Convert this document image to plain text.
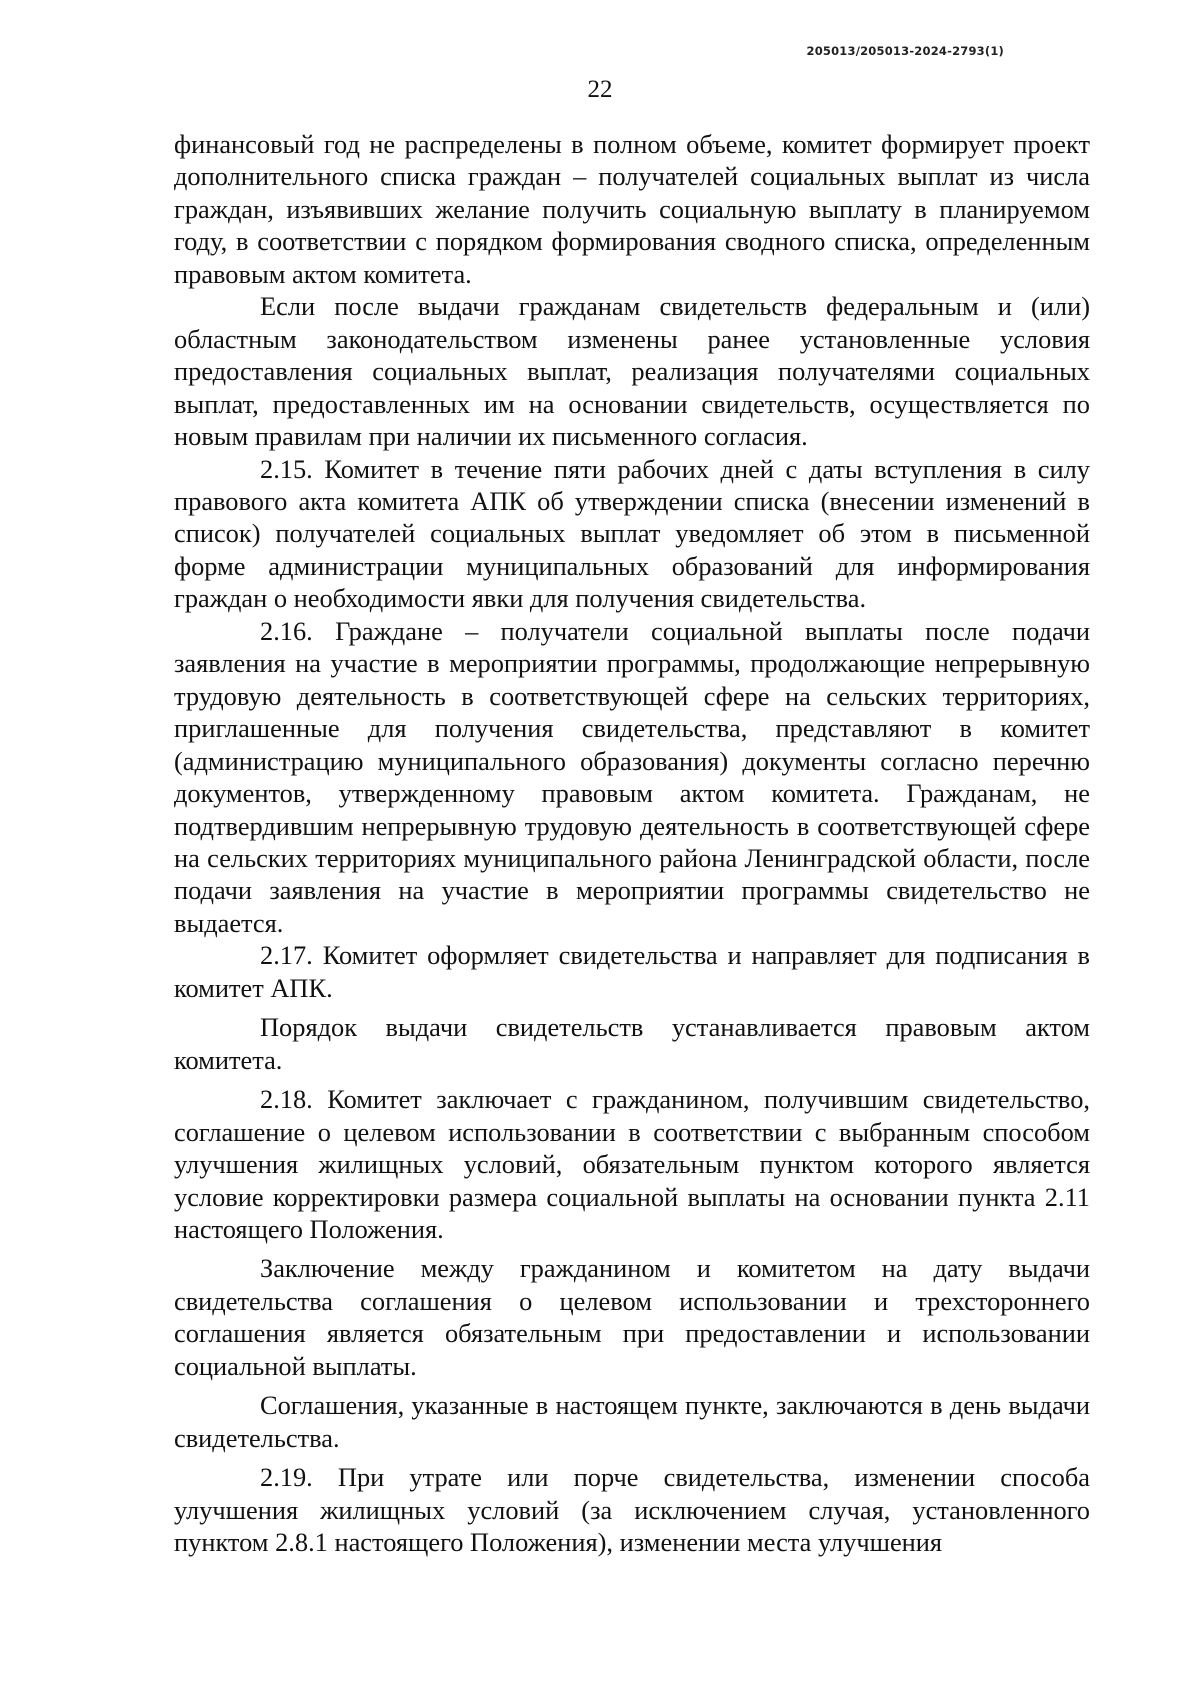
205013/205013-2024-2793(1)
22

финансовый год не распределены в полном объеме, комитет формирует проект дополнительного списка граждан – получателей социальных выплат из числа граждан, изъявивших желание получить социальную выплату в планируемом году, в соответствии с порядком формирования сводного списка, определенным правовым актом комитета.

Если после выдачи гражданам свидетельств федеральным и (или) областным законодательством изменены ранее установленные условия предоставления социальных выплат, реализация получателями социальных выплат, предоставленных им на основании свидетельств, осуществляется по новым правилам при наличии их письменного согласия.

2.15. Комитет в течение пяти рабочих дней с даты вступления в силу правового акта комитета АПК об утверждении списка (внесении изменений в список) получателей социальных выплат уведомляет об этом в письменной форме администрации муниципальных образований для информирования граждан о необходимости явки для получения свидетельства.

2.16. Граждане – получатели социальной выплаты после подачи заявления на участие в мероприятии программы, продолжающие непрерывную трудовую деятельность в соответствующей сфере на сельских территориях, приглашенные для получения свидетельства, представляют в комитет (администрацию муниципального образования) документы согласно перечню документов, утвержденному правовым актом комитета. Гражданам, не подтвердившим непрерывную трудовую деятельность в соответствующей сфере на сельских территориях муниципального района Ленинградской области, после подачи заявления на участие в мероприятии программы свидетельство не выдается.

2.17. Комитет оформляет свидетельства и направляет для подписания в комитет АПК.

Порядок выдачи свидетельств устанавливается правовым актом комитета.

2.18. Комитет заключает с гражданином, получившим свидетельство, соглашение о целевом использовании в соответствии с выбранным способом улучшения жилищных условий, обязательным пунктом которого является условие корректировки размера социальной выплаты на основании пункта 2.11 настоящего Положения.

Заключение между гражданином и комитетом на дату выдачи свидетельства соглашения о целевом использовании и трехстороннего соглашения является обязательным при предоставлении и использовании социальной выплаты.

Соглашения, указанные в настоящем пункте, заключаются в день выдачи свидетельства.

2.19. При утрате или порче свидетельства, изменении способа улучшения жилищных условий (за исключением случая, установленного пунктом 2.8.1 настоящего Положения), изменении места улучшения
